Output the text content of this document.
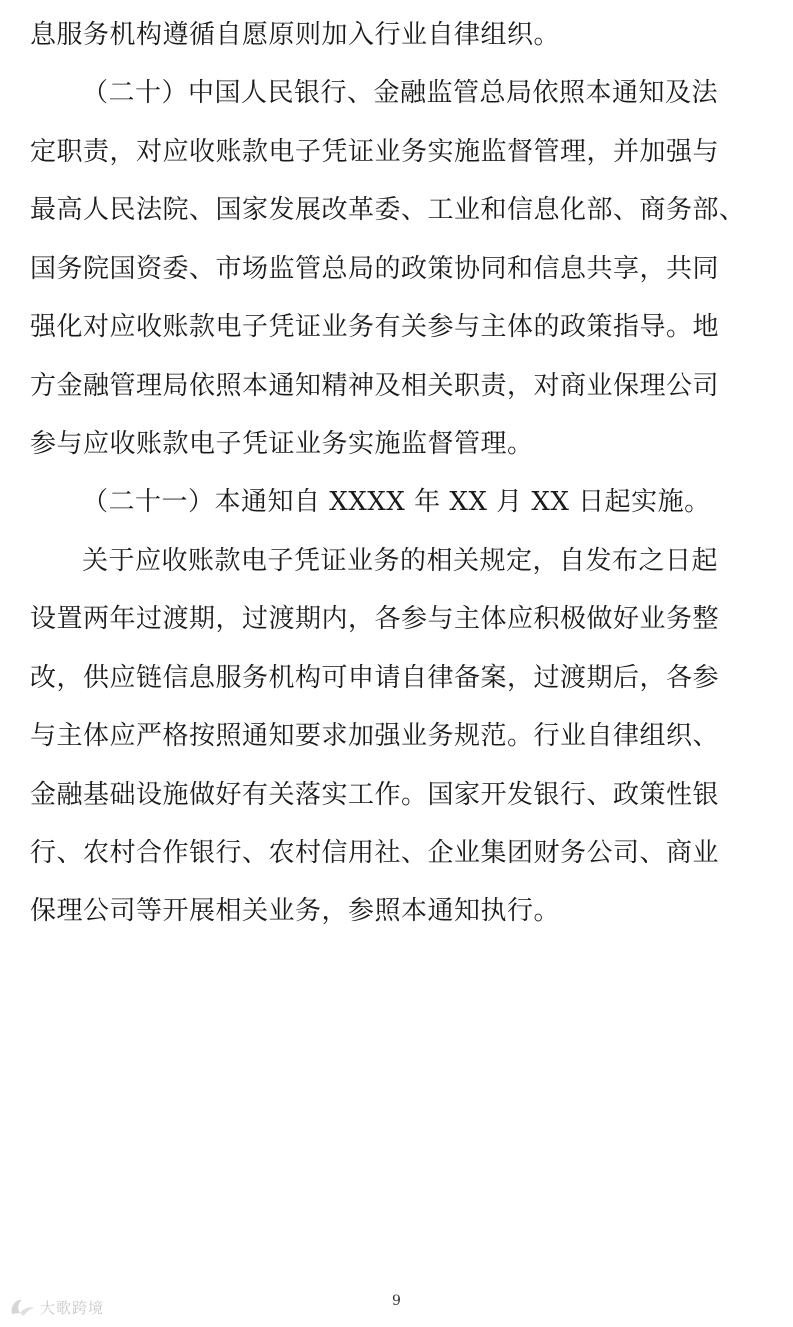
息服务机构遵循自愿原则加入行业自律组织。
（二十）中国人民银行、金融监管总局依照本通知及法
定职责，对应收账款电子凭证业务实施监督管理，并加强与
最高人民法院、国家发展改革委、工业和信息化部、商务部、
国务院国资委、市场监管总局的政策协同和信息共享，共同
强化对应收账款电子凭证业务有关参与主体的政策指导。地
方金融管理局依照本通知精神及相关职责，对商业保理公司
参与应收账款电子凭证业务实施监督管理。
（二十一）本通知自 XXXX 年 XX 月 XX 日起实施。
关于应收账款电子凭证业务的相关规定，自发布之日起
设置两年过渡期，过渡期内，各参与主体应积极做好业务整
改，供应链信息服务机构可申请自律备案，过渡期后，各参
与主体应严格按照通知要求加强业务规范。行业自律组织、
金融基础设施做好有关落实工作。国家开发银行、政策性银
行、农村合作银行、农村信用社、企业集团财务公司、商业
保理公司等开展相关业务，参照本通知执行。
9
大歌跨境
